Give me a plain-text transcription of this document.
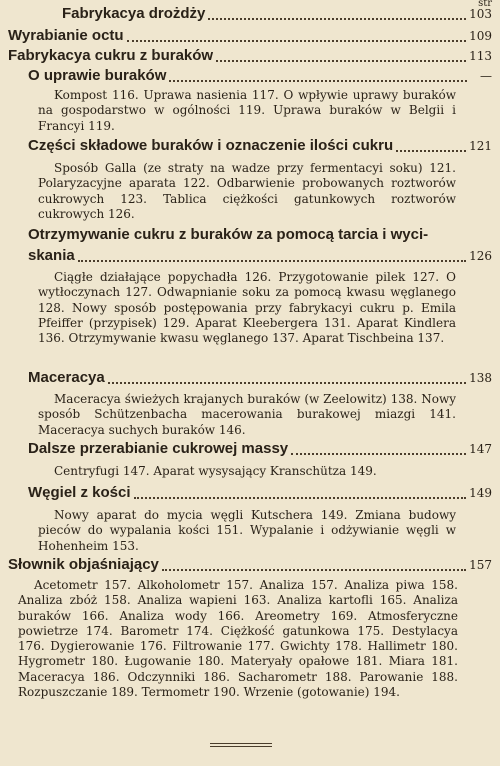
str
Fabrykacya drożdży	103
Wyrabianie octu	109
Fabrykacya cukru z buraków	113
O uprawie buraków	—
Kompost 116. Uprawa nasienia 117. O wpływie uprawy buraków na gospodarstwo w ogólności 119. Uprawa buraków w Belgii i Francyi 119.
Części składowe buraków i oznaczenie ilości cukru	121
Sposób Galla (ze straty na wadze przy fermentacyi soku) 121. Polaryzacyjne aparata 122. Odbarwienie probowanych roztworów cukrowych 123. Tablica ciężkości gatunkowych roztworów cukrowych 126.
Otrzymywanie cukru z buraków za pomocą tarcia i wyci-
skania	126
Ciągłe działające popychadła 126. Przygotowanie pilek 127. O wytłoczynach 127. Odwapnianie soku za pomocą kwasu węglanego 128. Nowy sposób postępowania przy fabrykacyi cukru p. Emila Pfeiffer (przypisek) 129. Aparat Kleebergera 131. Aparat Kindlera 136. Otrzymywanie kwasu węglanego 137. Aparat Tischbeina 137.
Maceracya	138
Maceracya świeżych krajanych buraków (w Zeelowitz) 138. Nowy sposób Schützenbacha macerowania burakowej miazgi 141. Maceracya suchych buraków 146.
Dalsze przerabianie cukrowej massy	147
Centryfugi 147. Aparat wysysający Kranschütza 149.
Węgiel z kości	149
Nowy aparat do mycia węgli Kutschera 149. Zmiana budowy pieców do wypalania kości 151. Wypalanie i odżywianie węgli w Hohenheim 153.
Słownik objaśniający	157
Acetometr 157. Alkoholometr 157. Analiza 157. Analiza piwa 158. Analiza zbóż 158. Analiza wapieni 163. Analiza kartofli 165. Analiza buraków 166. Analiza wody 166. Areometry 169. Atmosferyczne powietrze 174. Barometr 174. Ciężkość gatunkowa 175. Destylacya 176. Dygierowanie 176. Filtrowanie 177. Gwichty 178. Hallimetr 180. Hygrometr 180. Ługowanie 180. Materyały opałowe 181. Miara 181. Maceracya 186. Odczynniki 186. Sacharometr 188. Parowanie 188. Rozpuszczanie 189. Termometr 190. Wrzenie (gotowanie) 194.
